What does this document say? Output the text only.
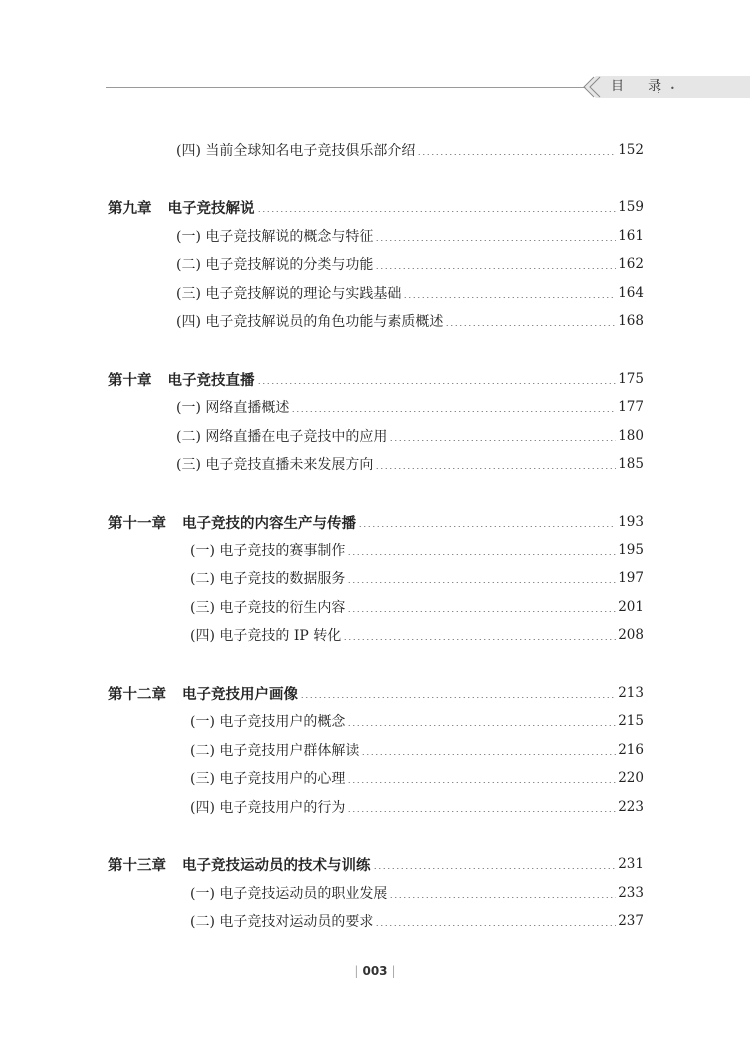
目 录
•
(四) 当前全球知名电子竞技俱乐部介绍	152
第九章 电子竞技解说	159
(一) 电子竞技解说的概念与特征	161
(二) 电子竞技解说的分类与功能	162
(三) 电子竞技解说的理论与实践基础	164
(四) 电子竞技解说员的角色功能与素质概述	168
第十章 电子竞技直播	175
(一) 网络直播概述	177
(二) 网络直播在电子竞技中的应用	180
(三) 电子竞技直播未来发展方向	185
第十一章 电子竞技的内容生产与传播	193
(一) 电子竞技的赛事制作	195
(二) 电子竞技的数据服务	197
(三) 电子竞技的衍生内容	201
(四) 电子竞技的 IP 转化	208
第十二章 电子竞技用户画像	213
(一) 电子竞技用户的概念	215
(二) 电子竞技用户群体解读	216
(三) 电子竞技用户的心理	220
(四) 电子竞技用户的行为	223
第十三章 电子竞技运动员的技术与训练	231
(一) 电子竞技运动员的职业发展	233
(二) 电子竞技对运动员的要求	237
| 003 |
